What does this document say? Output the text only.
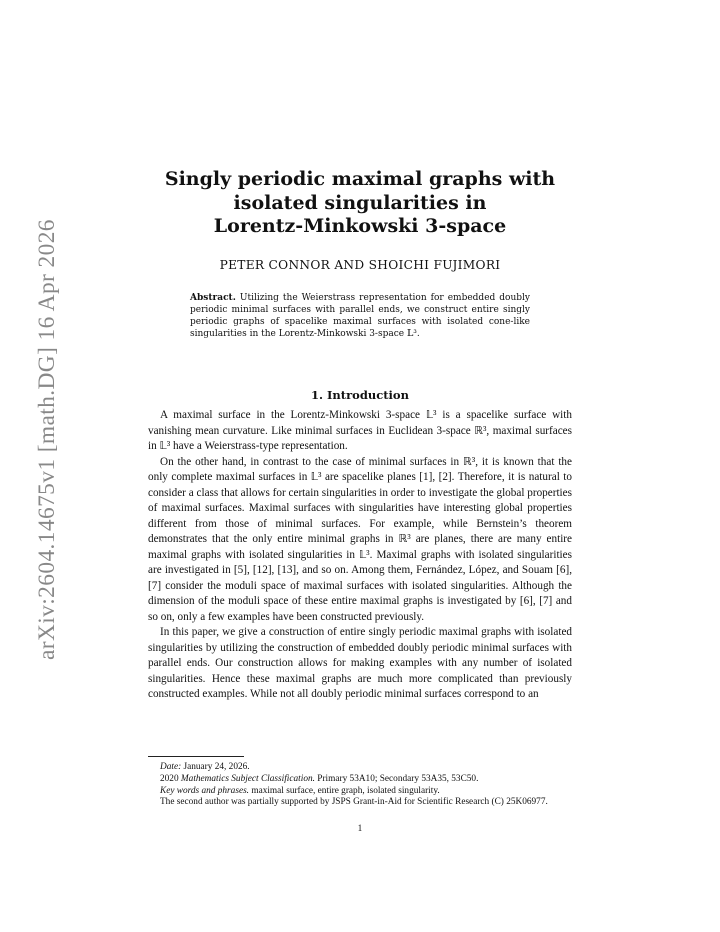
arXiv:2604.14675v1 [math.DG] 16 Apr 2026
Singly periodic maximal graphs with
isolated singularities in
Lorentz-Minkowski 3-space
PETER CONNOR AND SHOICHI FUJIMORI
Abstract. Utilizing the Weierstrass representation for embedded doubly periodic minimal surfaces with parallel ends, we construct entire singly periodic graphs of spacelike maximal surfaces with isolated cone-like singularities in the Lorentz-Minkowski 3-space 𝕃³.
1. Introduction

A maximal surface in the Lorentz-Minkowski 3-space 𝕃³ is a spacelike surface with vanishing mean curvature. Like minimal surfaces in Euclidean 3-space ℝ³, maximal surfaces in 𝕃³ have a Weierstrass-type representation.

On the other hand, in contrast to the case of minimal surfaces in ℝ³, it is known that the only complete maximal surfaces in 𝕃³ are spacelike planes [1], [2]. Therefore, it is natural to consider a class that allows for certain singularities in order to investigate the global properties of maximal surfaces. Maximal surfaces with singularities have interesting global properties different from those of minimal surfaces. For example, while Bernstein’s theorem demonstrates that the only entire minimal graphs in ℝ³ are planes, there are many entire maximal graphs with isolated singularities in 𝕃³. Maximal graphs with isolated singularities are investigated in [5], [12], [13], and so on. Among them, Fernández, López, and Souam [6], [7] consider the moduli space of maximal surfaces with isolated singularities. Although the dimension of the moduli space of these entire maximal graphs is investigated by [6], [7] and so on, only a few examples have been constructed previously.

In this paper, we give a construction of entire singly periodic maximal graphs with isolated singularities by utilizing the construction of embedded doubly periodic minimal surfaces with parallel ends. Our construction allows for making examples with any number of isolated singularities. Hence these maximal graphs are much more complicated than previously constructed examples. While not all doubly periodic minimal surfaces correspond to an

Date: January 24, 2026.

2020 Mathematics Subject Classification. Primary 53A10; Secondary 53A35, 53C50.

Key words and phrases. maximal surface, entire graph, isolated singularity.

The second author was partially supported by JSPS Grant-in-Aid for Scientific Research (C) 25K06977.

1
